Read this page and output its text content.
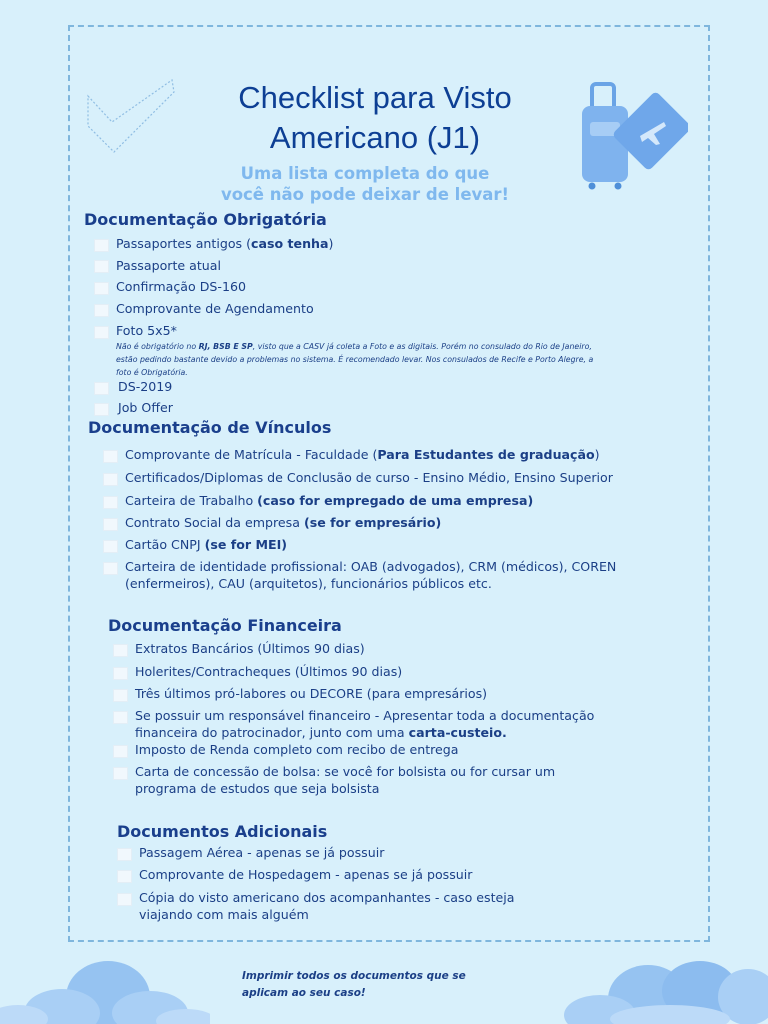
Checklist para Visto
Americano (J1)
Uma lista completa do que
você não pode deixar de levar!
Documentação Obrigatória
Passaportes antigos (caso tenha)
Passaporte atual
Confirmação DS-160
Comprovante de Agendamento
Foto 5x5*
Não é obrigatório no RJ, BSB E SP, visto que a CASV já coleta a Foto e as digitais. Porém no consulado do Rio de Janeiro, estão pedindo bastante devido a problemas no sistema. É recomendado levar. Nos consulados de Recife e Porto Alegre, a foto é Obrigatória.
DS-2019
Job Offer
Documentação de Vínculos
Comprovante de Matrícula - Faculdade (Para Estudantes de graduação)
Certificados/Diplomas de Conclusão de curso - Ensino Médio, Ensino Superior
Carteira de Trabalho (caso for empregado de uma empresa)
Contrato Social da empresa (se for empresário)
Cartão CNPJ (se for MEI)
Carteira de identidade profissional: OAB (advogados), CRM (médicos), COREN
(enfermeiros), CAU (arquitetos), funcionários públicos etc.
Documentação Financeira
Extratos Bancários (Últimos 90 dias)
Holerites/Contracheques (Últimos 90 dias)
Três últimos pró-labores ou DECORE (para empresários)
Se possuir um responsável financeiro - Apresentar toda a documentação
financeira do patrocinador, junto com uma carta-custeio.
Imposto de Renda completo com recibo de entrega
Carta de concessão de bolsa: se você for bolsista ou for cursar um
programa de estudos que seja bolsista
Documentos Adicionais
Passagem Aérea - apenas se já possuir
Comprovante de Hospedagem - apenas se já possuir
Cópia do visto americano dos acompanhantes - caso esteja
viajando com mais alguém
Imprimir todos os documentos que se
aplicam ao seu caso!
